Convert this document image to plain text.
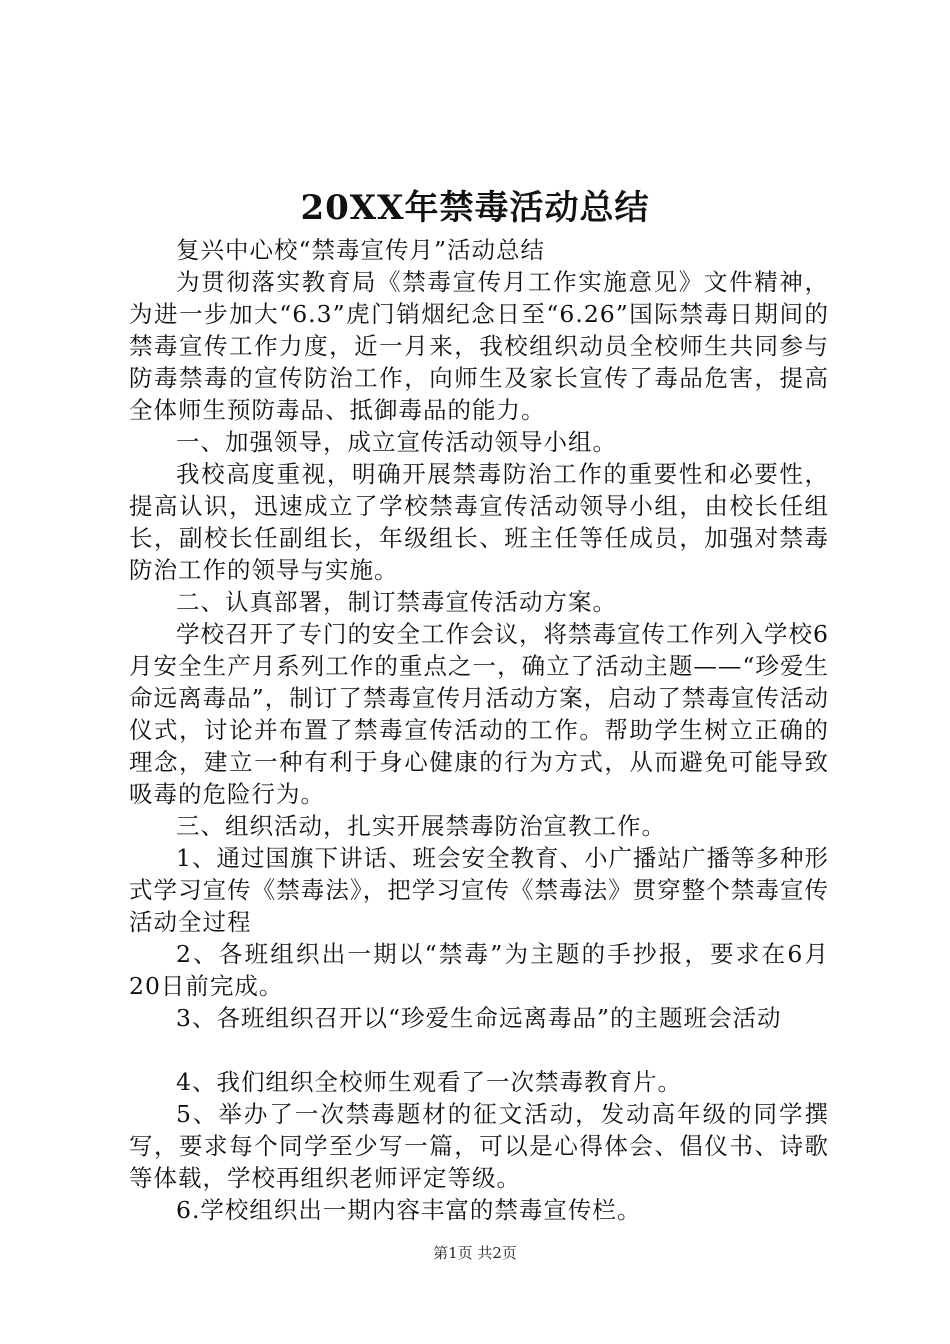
20XX年禁毒活动总结

复兴中心校“禁毒宣传月”活动总结

为贯彻落实教育局《禁毒宣传月工作实施意见》文件精神，为进一步加大“6.3”虎门销烟纪念日至“6.26”国际禁毒日期间的禁毒宣传工作力度，近一月来，我校组织动员全校师生共同参与防毒禁毒的宣传防治工作，向师生及家长宣传了毒品危害，提高全体师生预防毒品、抵御毒品的能力。

一、加强领导，成立宣传活动领导小组。

我校高度重视，明确开展禁毒防治工作的重要性和必要性，提高认识，迅速成立了学校禁毒宣传活动领导小组，由校长任组长，副校长任副组长，年级组长、班主任等任成员，加强对禁毒防治工作的领导与实施。

二、认真部署，制订禁毒宣传活动方案。

学校召开了专门的安全工作会议，将禁毒宣传工作列入学校6月安全生产月系列工作的重点之一，确立了活动主题——“珍爱生命远离毒品”，制订了禁毒宣传月活动方案，启动了禁毒宣传活动仪式，讨论并布置了禁毒宣传活动的工作。帮助学生树立正确的理念，建立一种有利于身心健康的行为方式，从而避免可能导致吸毒的危险行为。

三、组织活动，扎实开展禁毒防治宣教工作。

1、通过国旗下讲话、班会安全教育、小广播站广播等多种形式学习宣传《禁毒法》，把学习宣传《禁毒法》贯穿整个禁毒宣传活动全过程

2、各班组织出一期以“禁毒”为主题的手抄报，要求在6月20日前完成。

3、各班组织召开以“珍爱生命远离毒品”的主题班会活动

4、我们组织全校师生观看了一次禁毒教育片。

5、举办了一次禁毒题材的征文活动，发动高年级的同学撰写，要求每个同学至少写一篇，可以是心得体会、倡仪书、诗歌等体载，学校再组织老师评定等级。

6.学校组织出一期内容丰富的禁毒宣传栏。

第1页 共2页
